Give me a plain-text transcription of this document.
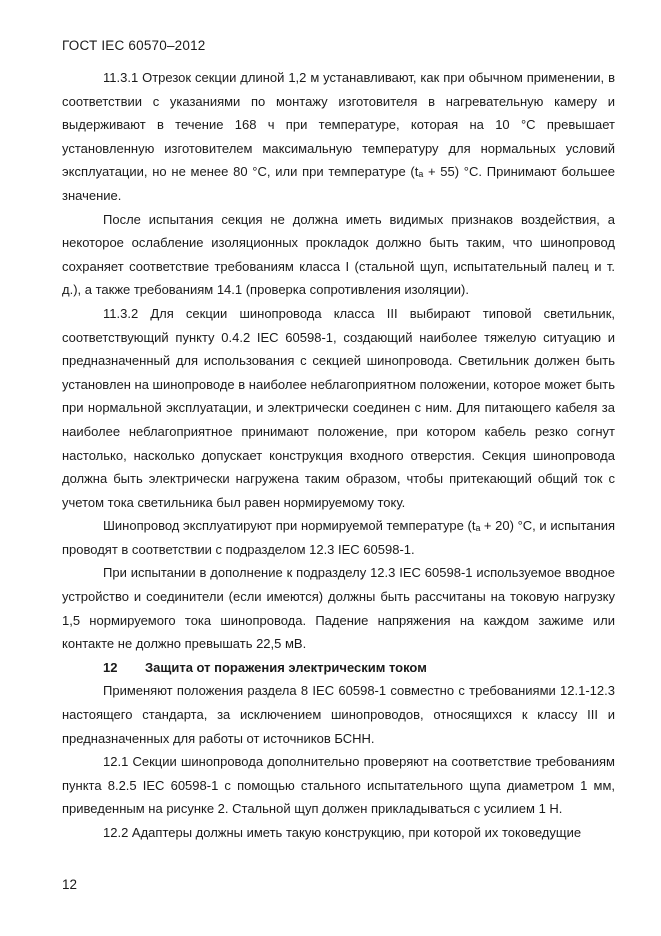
ГОСТ IEC 60570–2012

11.3.1 Отрезок секции длиной 1,2 м устанавливают, как при обычном применении, в соответствии с указаниями по монтажу изготовителя в нагревательную камеру и выдерживают в течение 168 ч при температуре, которая на 10 °C превышает установленную изготовителем максимальную температуру для нормальных условий эксплуатации, но не менее 80 °C, или при температуре (tₐ + 55) °C. Принимают большее значение.

После испытания секция не должна иметь видимых признаков воздействия, а некоторое ослабление изоляционных прокладок должно быть таким, что шинопровод сохраняет соответствие требованиям класса I (стальной щуп, испытательный палец и т. д.), а также требованиям 14.1 (проверка сопротивления изоляции).

11.3.2 Для секции шинопровода класса III выбирают типовой светильник, соответствующий пункту 0.4.2 IEC 60598-1, создающий наиболее тяжелую ситуацию и предназначенный для использования с секцией шинопровода. Светильник должен быть установлен на шинопроводе в наиболее неблагоприятном положении, которое может быть при нормальной эксплуатации, и электрически соединен с ним. Для питающего кабеля за наиболее неблагоприятное принимают положение, при котором кабель резко согнут настолько, насколько допускает конструкция входного отверстия. Секция шинопровода должна быть электрически нагружена таким образом, чтобы притекающий общий ток с учетом тока светильника был равен нормируемому току.

Шинопровод эксплуатируют при нормируемой температуре (tₐ + 20) °C, и испытания проводят в соответствии с подразделом 12.3 IEC 60598-1.

При испытании в дополнение к подразделу 12.3 IEC 60598-1 используемое вводное устройство и соединители (если имеются) должны быть рассчитаны на токовую нагрузку 1,5 нормируемого тока шинопровода. Падение напряжения на каждом зажиме или контакте не должно превышать 22,5 мВ.

12 Защита от поражения электрическим током

Применяют положения раздела 8 IEC 60598-1 совместно с требованиями 12.1-12.3 настоящего стандарта, за исключением шинопроводов, относящихся к классу III и предназначенных для работы от источников БСНН.

12.1 Секции шинопровода дополнительно проверяют на соответствие требованиям пункта 8.2.5 IEC 60598-1 с помощью стального испытательного щупа диаметром 1 мм, приведенным на рисунке 2. Стальной щуп должен прикладываться с усилием 1 Н.

12.2 Адаптеры должны иметь такую конструкцию, при которой их токоведущие

12
